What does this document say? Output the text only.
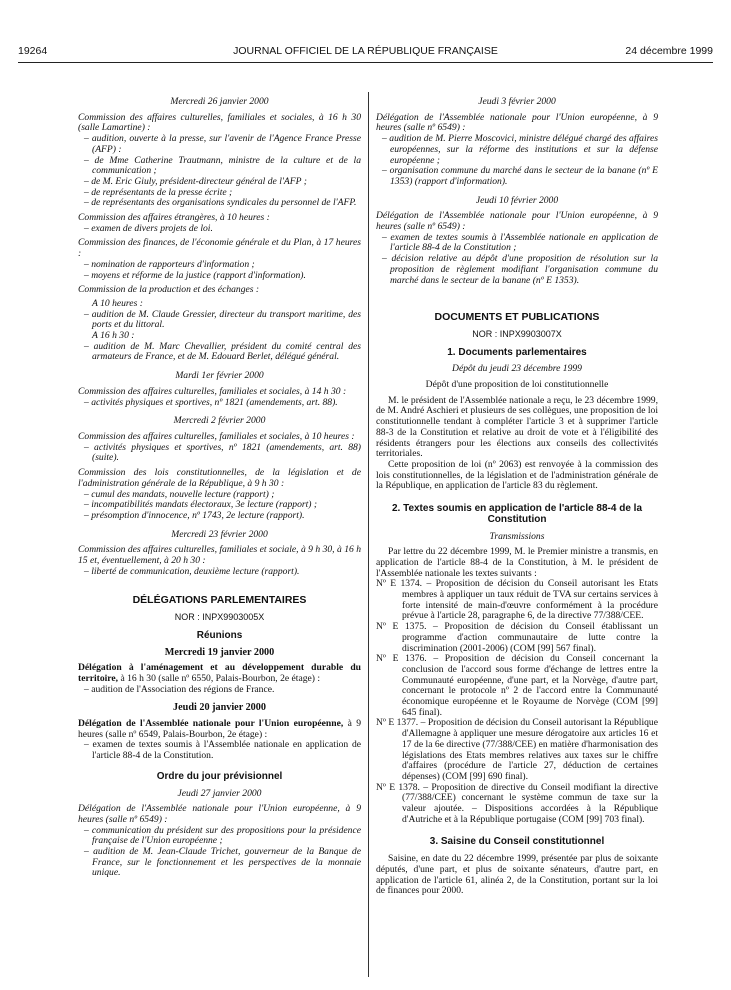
19264	JOURNAL OFFICIEL DE LA RÉPUBLIQUE FRANÇAISE	24 décembre 1999

Mercredi 26 janvier 2000

Commission des affaires culturelles, familiales et sociales, à 16 h 30 (salle Lamartine) :

– audition, ouverte à la presse, sur l'avenir de l'Agence France Presse (AFP) :

– de Mme Catherine Trautmann, ministre de la culture et de la communication ;

– de M. Eric Giuly, président-directeur général de l'AFP ;

– de représentants de la presse écrite ;

– de représentants des organisations syndicales du personnel de l'AFP.

Commission des affaires étrangères, à 10 heures :

– examen de divers projets de loi.

Commission des finances, de l'économie générale et du Plan, à 17 heures :

– nomination de rapporteurs d'information ;

– moyens et réforme de la justice (rapport d'information).

Commission de la production et des échanges :

A 10 heures :

– audition de M. Claude Gressier, directeur du transport maritime, des ports et du littoral.

A 16 h 30 :

– audition de M. Marc Chevallier, président du comité central des armateurs de France, et de M. Edouard Berlet, délégué général.

Mardi 1er février 2000

Commission des affaires culturelles, familiales et sociales, à 14 h 30 :

– activités physiques et sportives, nº 1821 (amendements, art. 88).

Mercredi 2 février 2000

Commission des affaires culturelles, familiales et sociales, à 10 heures :

– activités physiques et sportives, nº 1821 (amendements, art. 88) (suite).

Commission des lois constitutionnelles, de la législation et de l'administration générale de la République, à 9 h 30 :

– cumul des mandats, nouvelle lecture (rapport) ;

– incompatibilités mandats électoraux, 3e lecture (rapport) ;

– présomption d'innocence, nº 1743, 2e lecture (rapport).

Mercredi 23 février 2000

Commission des affaires culturelles, familiales et sociale, à 9 h 30, à 16 h 15 et, éventuellement, à 20 h 30 :

– liberté de communication, deuxième lecture (rapport).

DÉLÉGATIONS PARLEMENTAIRES

NOR : INPX9903005X

Réunions

Mercredi 19 janvier 2000

Délégation à l'aménagement et au développement durable du territoire, à 16 h 30 (salle nº 6550, Palais-Bourbon, 2e étage) :

– audition de l'Association des régions de France.

Jeudi 20 janvier 2000

Délégation de l'Assemblée nationale pour l'Union européenne, à 9 heures (salle nº 6549, Palais-Bourbon, 2e étage) :

– examen de textes soumis à l'Assemblée nationale en application de l'article 88-4 de la Constitution.

Ordre du jour prévisionnel

Jeudi 27 janvier 2000

Délégation de l'Assemblée nationale pour l'Union européenne, à 9 heures (salle nº 6549) :

– communication du président sur des propositions pour la présidence française de l'Union européenne ;

– audition de M. Jean-Claude Trichet, gouverneur de la Banque de France, sur le fonctionnement et les perspectives de la monnaie unique.

Jeudi 3 février 2000

Délégation de l'Assemblée nationale pour l'Union européenne, à 9 heures (salle nº 6549) :

– audition de M. Pierre Moscovici, ministre délégué chargé des affaires européennes, sur la réforme des institutions et sur la défense européenne ;

– organisation commune du marché dans le secteur de la banane (nº E 1353) (rapport d'information).

Jeudi 10 février 2000

Délégation de l'Assemblée nationale pour l'Union européenne, à 9 heures (salle nº 6549) :

– examen de textes soumis à l'Assemblée nationale en application de l'article 88-4 de la Constitution ;

– décision relative au dépôt d'une proposition de résolution sur la proposition de règlement modifiant l'organisation commune du marché dans le secteur de la banane (nº E 1353).

DOCUMENTS ET PUBLICATIONS

NOR : INPX9903007X

1. Documents parlementaires

Dépôt du jeudi 23 décembre 1999

Dépôt d'une proposition de loi constitutionnelle

M. le président de l'Assemblée nationale a reçu, le 23 décembre 1999, de M. André Aschieri et plusieurs de ses collègues, une proposition de loi constitutionnelle tendant à compléter l'article 3 et à supprimer l'article 88-3 de la Constitution et relative au droit de vote et à l'éligibilité des résidents étrangers pour les élections aux conseils des collectivités territoriales.

Cette proposition de loi (nº 2063) est renvoyée à la commission des lois constitutionnelles, de la législation et de l'administration générale de la République, en application de l'article 83 du règlement.

2. Textes soumis en application de l'article 88-4 de la Constitution

Transmissions

Par lettre du 22 décembre 1999, M. le Premier ministre a transmis, en application de l'article 88-4 de la Constitution, à M. le président de l'Assemblée nationale les textes suivants :

Nº E 1374. – Proposition de décision du Conseil autorisant les Etats membres à appliquer un taux réduit de TVA sur certains services à forte intensité de main-d'œuvre conformément à la procédure prévue à l'article 28, paragraphe 6, de la directive 77/388/CEE.

Nº E 1375. – Proposition de décision du Conseil établissant un programme d'action communautaire de lutte contre la discrimination (2001-2006) (COM [99] 567 final).

Nº E 1376. – Proposition de décision du Conseil concernant la conclusion de l'accord sous forme d'échange de lettres entre la Communauté européenne, d'une part, et la Norvège, d'autre part, concernant le protocole nº 2 de l'accord entre la Communauté économique européenne et le Royaume de Norvège (COM [99] 645 final).

Nº E 1377. – Proposition de décision du Conseil autorisant la République d'Allemagne à appliquer une mesure dérogatoire aux articles 16 et 17 de la 6e directive (77/388/CEE) en matière d'harmonisation des législations des Etats membres relatives aux taxes sur le chiffre d'affaires (procédure de l'article 27, déduction de certaines dépenses) (COM [99] 690 final).

Nº E 1378. – Proposition de directive du Conseil modifiant la directive (77/388/CEE) concernant le système commun de taxe sur la valeur ajoutée. – Dispositions accordées à la République d'Autriche et à la République portugaise (COM [99] 703 final).

3. Saisine du Conseil constitutionnel

Saisine, en date du 22 décembre 1999, présentée par plus de soixante députés, d'une part, et plus de soixante sénateurs, d'autre part, en application de l'article 61, alinéa 2, de la Constitution, portant sur la loi de finances pour 2000.
